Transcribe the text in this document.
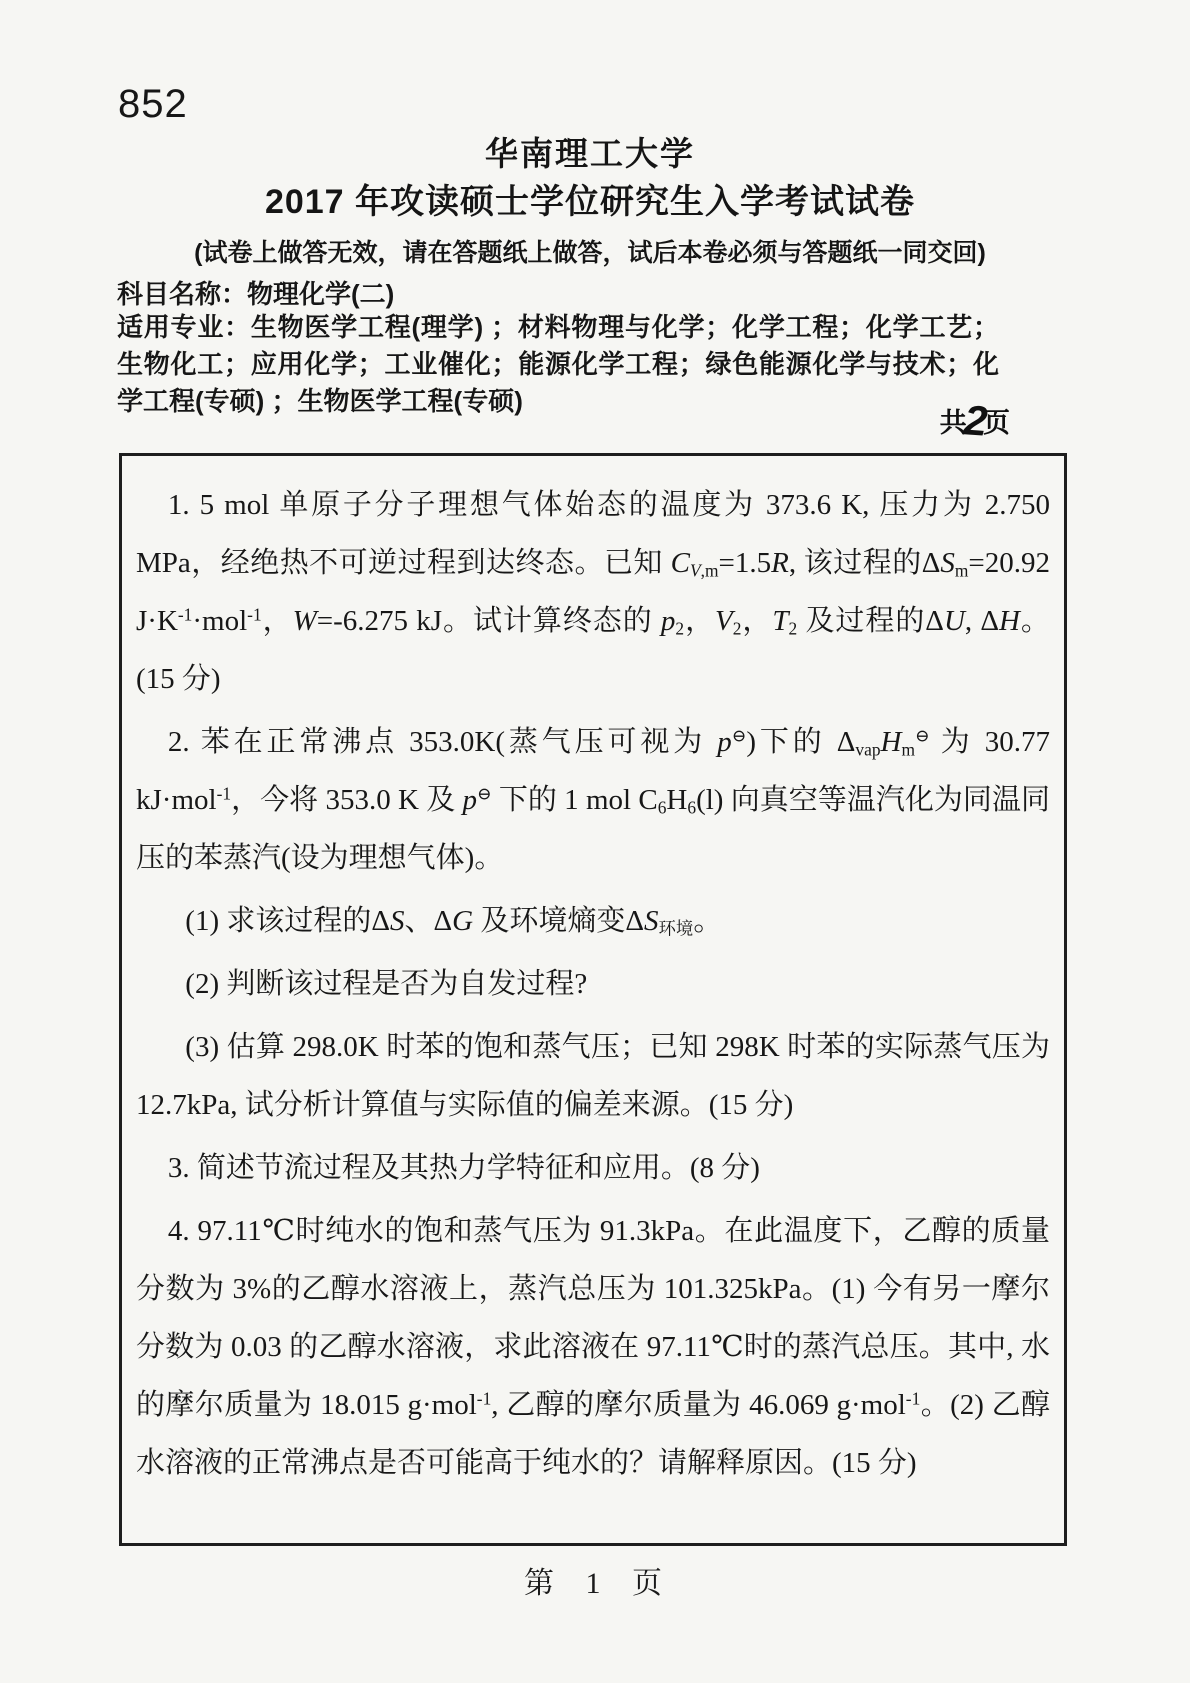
852
华南理工大学
2017 年攻读硕士学位研究生入学考试试卷
(试卷上做答无效，请在答题纸上做答，试后本卷必须与答题纸一同交回)
科目名称：物理化学(二)
适用专业：生物医学工程(理学) ；材料物理与化学；化学工程；化学工艺；生物化工；应用化学；工业催化；能源化学工程；绿色能源化学与技术；化学工程(专硕) ；生物医学工程(专硕)
共2页

1. 5 mol 单原子分子理想气体始态的温度为 373.6 K, 压力为 2.750 MPa，经绝热不可逆过程到达终态。已知 $C_{V,m}=1.5R$, 该过程的$\Delta S_m=20.92$ $J\cdot K^{-1}\cdot mol^{-1}$，W=-6.275 kJ。试计算终态的 $p_2$，$V_2$，$T_2$ 及过程的ΔU, ΔH。(15 分)

2. 苯在正常沸点 353.0K(蒸气压可视为 p⊖)下的 $\Delta_{vap}H_m^⊖$ 为 30.77 kJ·mol$^{-1}$，今将 353.0 K 及 p⊖ 下的 1 mol $C_6H_6(l)$ 向真空等温汽化为同温同压的苯蒸汽(设为理想气体)。

(1) 求该过程的ΔS、ΔG 及环境熵变$\Delta S_{环境}$。

(2) 判断该过程是否为自发过程?

(3) 估算 298.0K 时苯的饱和蒸气压；已知 298K 时苯的实际蒸气压为 12.7kPa, 试分析计算值与实际值的偏差来源。(15 分)

3. 简述节流过程及其热力学特征和应用。(8 分)

4. 97.11℃时纯水的饱和蒸气压为 91.3kPa。在此温度下，乙醇的质量分数为 3%的乙醇水溶液上，蒸汽总压为 101.325kPa。(1) 今有另一摩尔分数为 0.03 的乙醇水溶液，求此溶液在 97.11℃时的蒸汽总压。其中, 水的摩尔质量为 18.015 g·mol$^{-1}$, 乙醇的摩尔质量为 46.069 g·mol$^{-1}$。(2) 乙醇水溶液的正常沸点是否可能高于纯水的？请解释原因。(15 分)

第 1 页
